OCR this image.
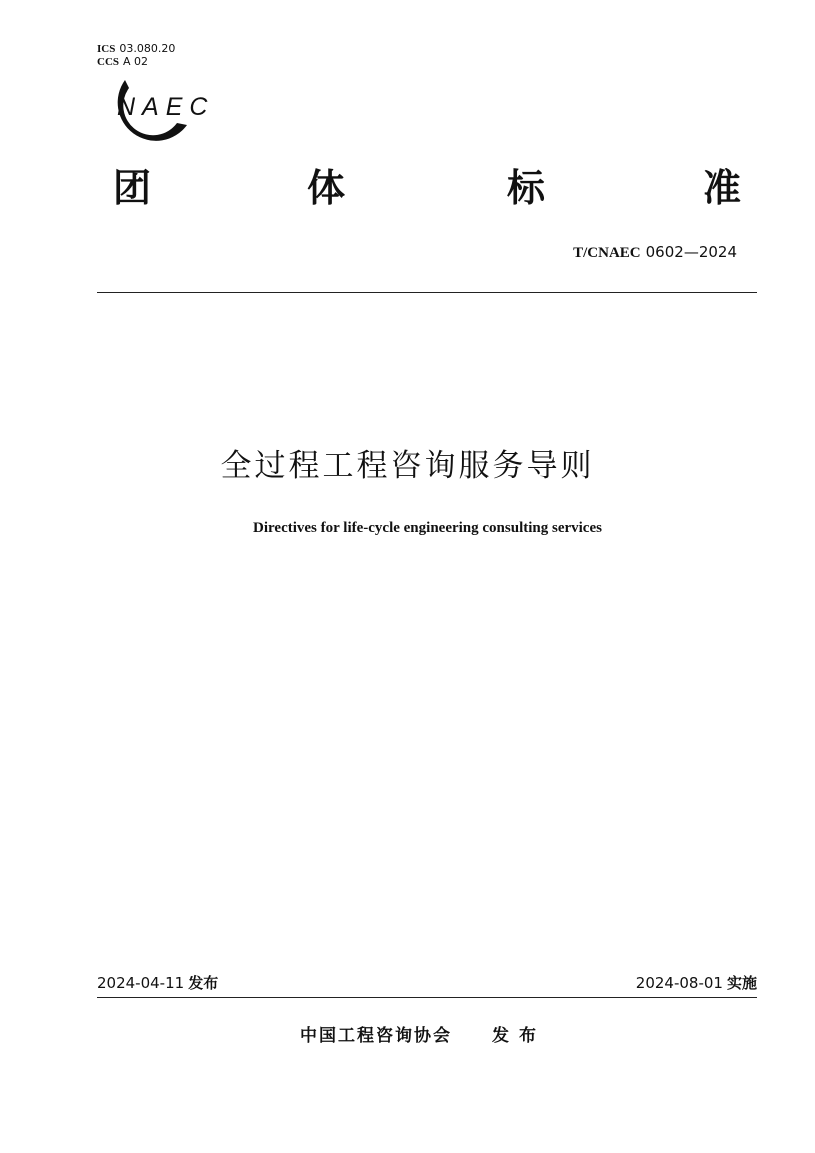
ICS 03.080.20
CCS A 02
NAEC
团	体	标	准
T/CNAEC 0602—2024
全过程工程咨询服务导则
Directives for life-cycle engineering consulting services
2024-04-11 发布	2024-08-01 实施
中国工程咨询协会 发布
